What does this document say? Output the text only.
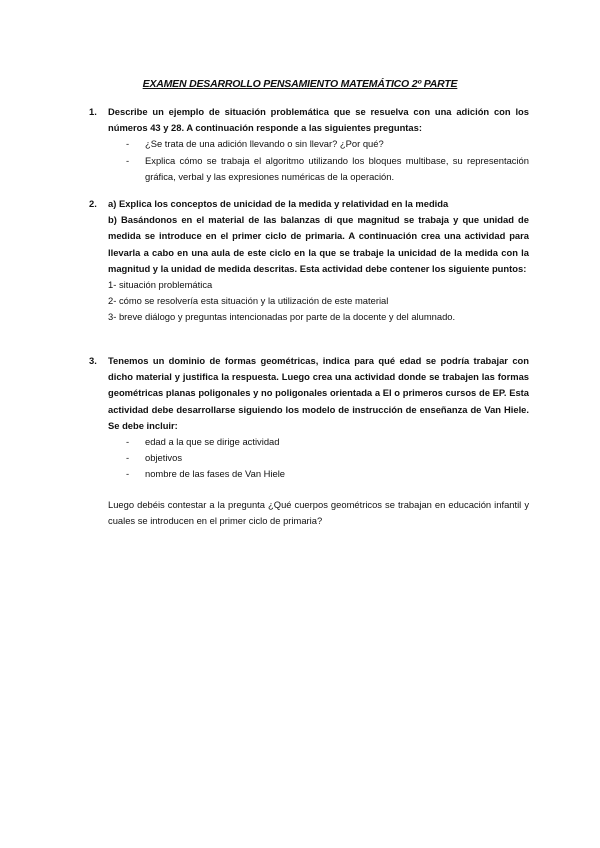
EXAMEN DESARROLLO PENSAMIENTO MATEMÁTICO 2º PARTE
1. Describe un ejemplo de situación problemática que se resuelva con una adición con los números 43 y 28. A continuación responde a las siguientes preguntas:
- ¿Se trata de una adición llevando o sin llevar? ¿Por qué?
- Explica cómo se trabaja el algoritmo utilizando los bloques multibase, su representación gráfica, verbal y las expresiones numéricas de la operación.
2. a) Explica los conceptos de unicidad de la medida y relatividad en la medida
b) Basándonos en el material de las balanzas di que magnitud se trabaja y que unidad de medida se introduce en el primer ciclo de primaria. A continuación crea una actividad para llevarla a cabo en una aula de este ciclo en la que se trabaje la unicidad de la medida con la magnitud y la unidad de medida descritas. Esta actividad debe contener los siguiente puntos:
1- situación problemática
2- cómo se resolvería esta situación y la utilización de este material
3- breve diálogo y preguntas intencionadas por parte de la docente y del alumnado.
3. Tenemos un dominio de formas geométricas, indica para qué edad se podría trabajar con dicho material y justifica la respuesta. Luego crea una actividad donde se trabajen las formas geométricas planas poligonales y no poligonales orientada a EI o primeros cursos de EP. Esta actividad debe desarrollarse siguiendo los modelo de instrucción de enseñanza de Van Hiele. Se debe incluir:
- edad a la que se dirige actividad
- objetivos
- nombre de las fases de Van Hiele
Luego debéis contestar a la pregunta ¿Qué cuerpos geométricos se trabajan en educación infantil y cuales se introducen en el primer ciclo de primaria?
